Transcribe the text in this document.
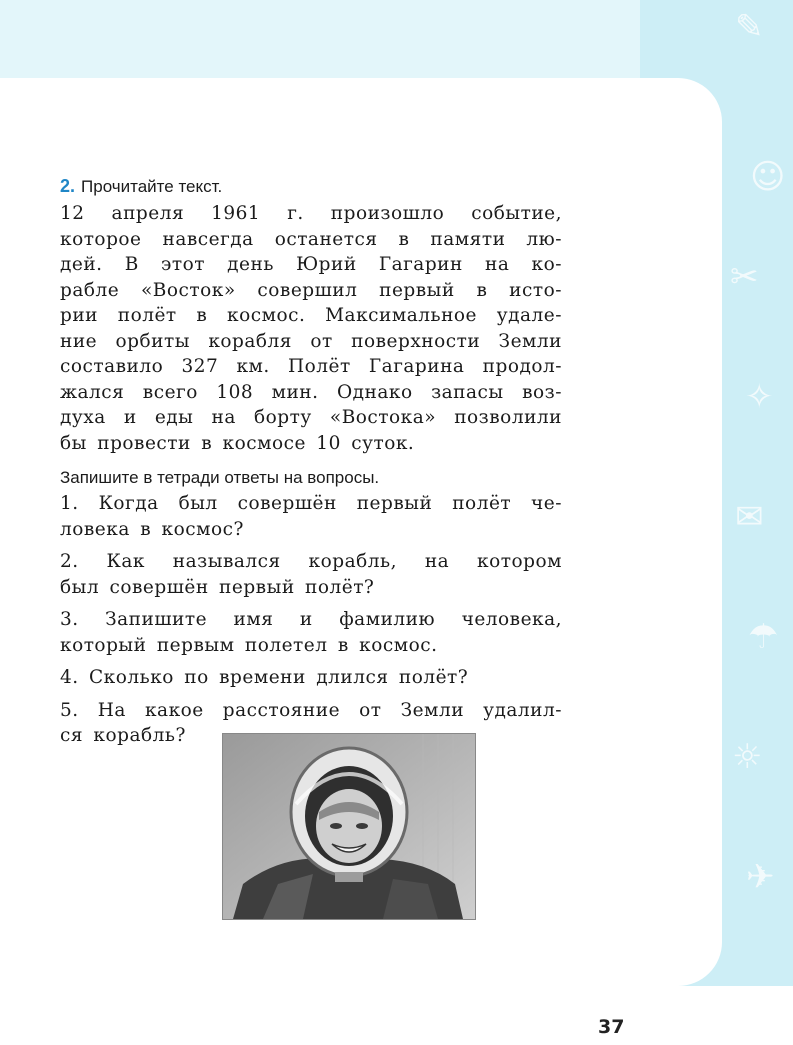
✎
☺
✂
✧
✉
☂
☼
✈
2. Прочитайте текст.
12 апреля 1961 г. произошло событие,
которое навсегда останется в памяти лю-
дей. В этот день Юрий Гагарин на ко-
рабле «Восток» совершил первый в исто-
рии полёт в космос. Максимальное удале-
ние орбиты корабля от поверхности Земли
составило 327 км. Полёт Гагарина продол-
жался всего 108 мин. Однако запасы воз-
духа и еды на борту «Востока» позволили
бы провести в космосе 10 суток.
Запишите в тетради ответы на вопросы.
1. Когда был совершён первый полёт че-
ловека в космос?
2. Как назывался корабль, на котором
был совершён первый полёт?
3. Запишите имя и фамилию человека,
который первым полетел в космос.
4. Сколько по времени длился полёт?
5. На какое расстояние от Земли удалил-
ся корабль?
37
